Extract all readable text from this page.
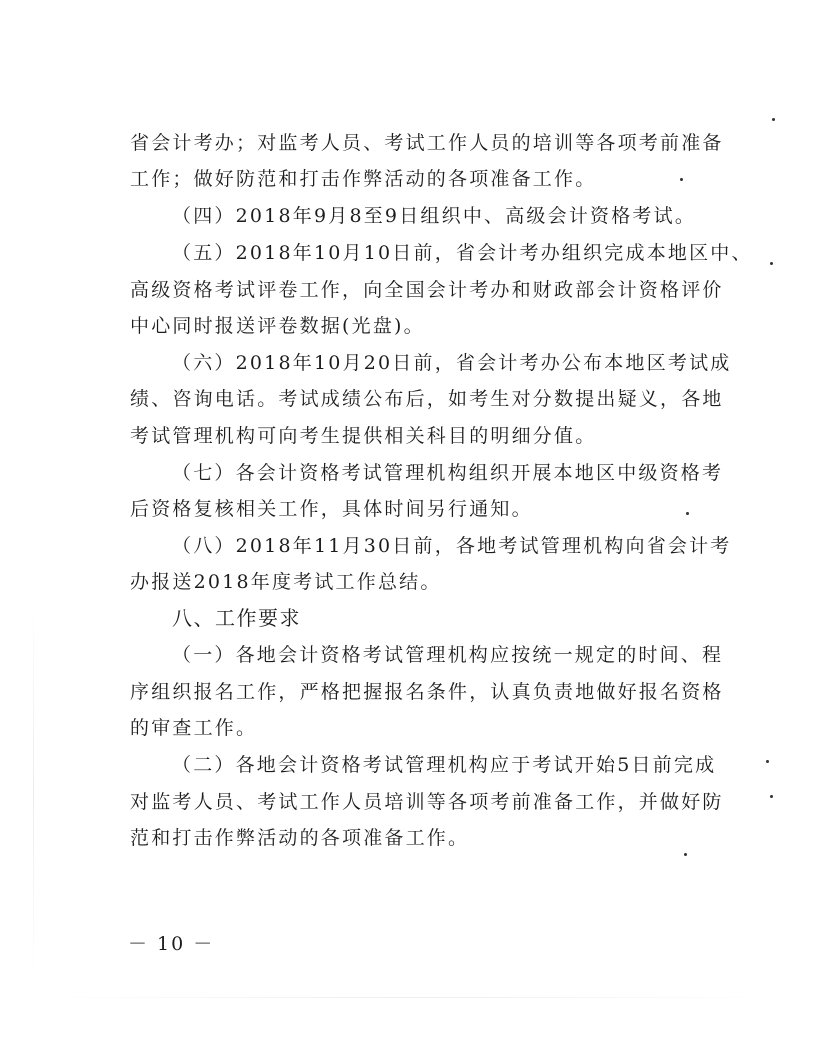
省会计考办；对监考人员、考试工作人员的培训等各项考前准备
工作；做好防范和打击作弊活动的各项准备工作。
（四）2018年9月8至9日组织中、高级会计资格考试。
（五）2018年10月10日前，省会计考办组织完成本地区中、
高级资格考试评卷工作，向全国会计考办和财政部会计资格评价
中心同时报送评卷数据(光盘)。
（六）2018年10月20日前，省会计考办公布本地区考试成
绩、咨询电话。考试成绩公布后，如考生对分数提出疑义，各地
考试管理机构可向考生提供相关科目的明细分值。
（七）各会计资格考试管理机构组织开展本地区中级资格考
后资格复核相关工作，具体时间另行通知。
（八）2018年11月30日前，各地考试管理机构向省会计考
办报送2018年度考试工作总结。
八、工作要求
（一）各地会计资格考试管理机构应按统一规定的时间、程
序组织报名工作，严格把握报名条件，认真负责地做好报名资格
的审查工作。
（二）各地会计资格考试管理机构应于考试开始5日前完成
对监考人员、考试工作人员培训等各项考前准备工作，并做好防
范和打击作弊活动的各项准备工作。
－ 10 －
